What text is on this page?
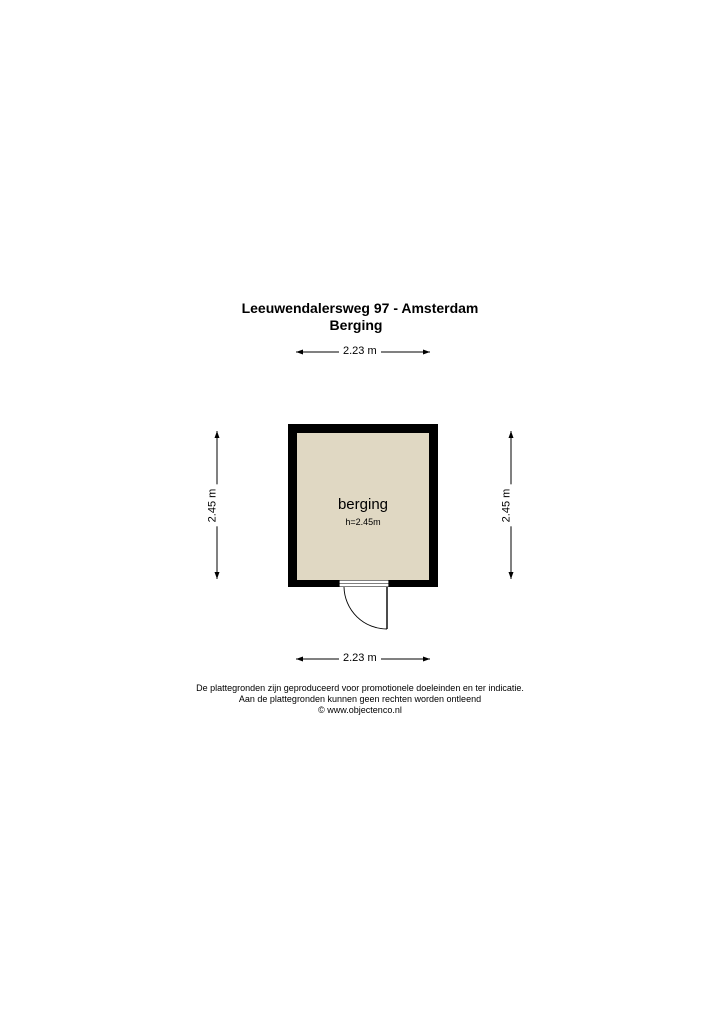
Leeuwendalersweg 97 - Amsterdam
Berging
2.23 m
2.23 m
2.45 m	2.45 m
berging
h=2.45m
De plattegronden zijn geproduceerd voor promotionele doeleinden en ter indicatie.
Aan de plattegronden kunnen geen rechten worden ontleend
© www.objectenco.nl
